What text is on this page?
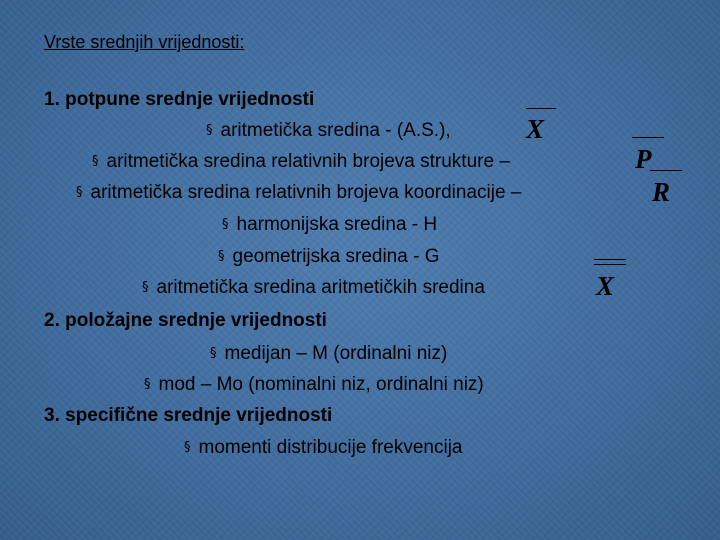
Vrste srednjih vrijednosti:
1. potpune srednje vrijednosti
§ aritmetička sredina - (A.S.),	X
§ aritmetička sredina relativnih brojeva strukture –	P
§ aritmetička sredina relativnih brojeva koordinacije –	R
§ harmonijska sredina - H
§ geometrijska sredina - G
§ aritmetička sredina aritmetičkih sredina	X
2. položajne srednje vrijednosti
§ medijan – M (ordinalni niz)
§ mod – Mo (nominalni niz, ordinalni niz)
3. specifične srednje vrijednosti
§ momenti distribucije frekvencija
